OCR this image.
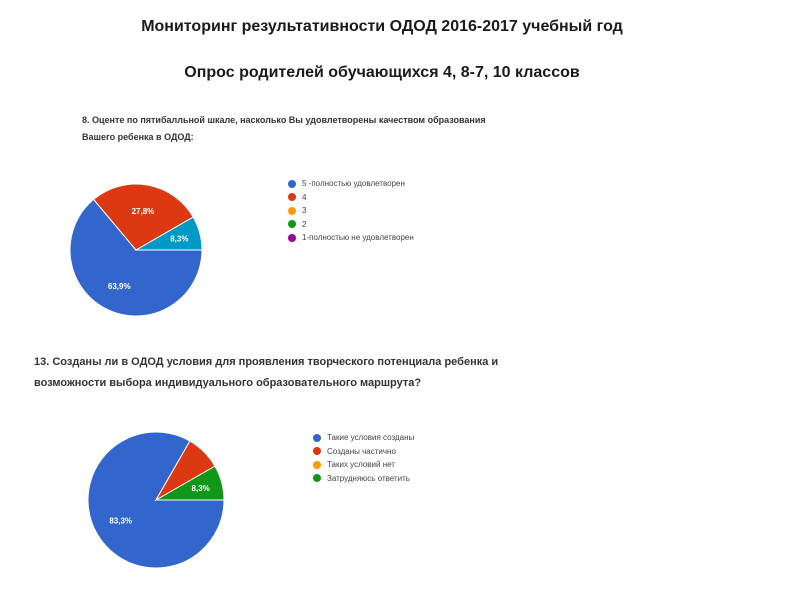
Мониторинг результативности ОДОД 2016-2017 учебный год
Опрос родителей обучающихся 4, 8-7, 10 классов
8. Оценте по пятибалльной шкале, насколько Вы удовлетворены качеством образования Вашего ребенка в ОДОД:
63,9%
27,8%
8,3%
5 -полностью удовлетворен
4
3
2
1-полностью не удовлетворен
13. Созданы ли в ОДОД условия для проявления творческого потенциала ребенка и возможности выбора индивидуального образовательного маршрута?
83,3%
8,3%
Такие условия созданы
Созданы частично
Таких условий нет
Затрудняюсь ответить
